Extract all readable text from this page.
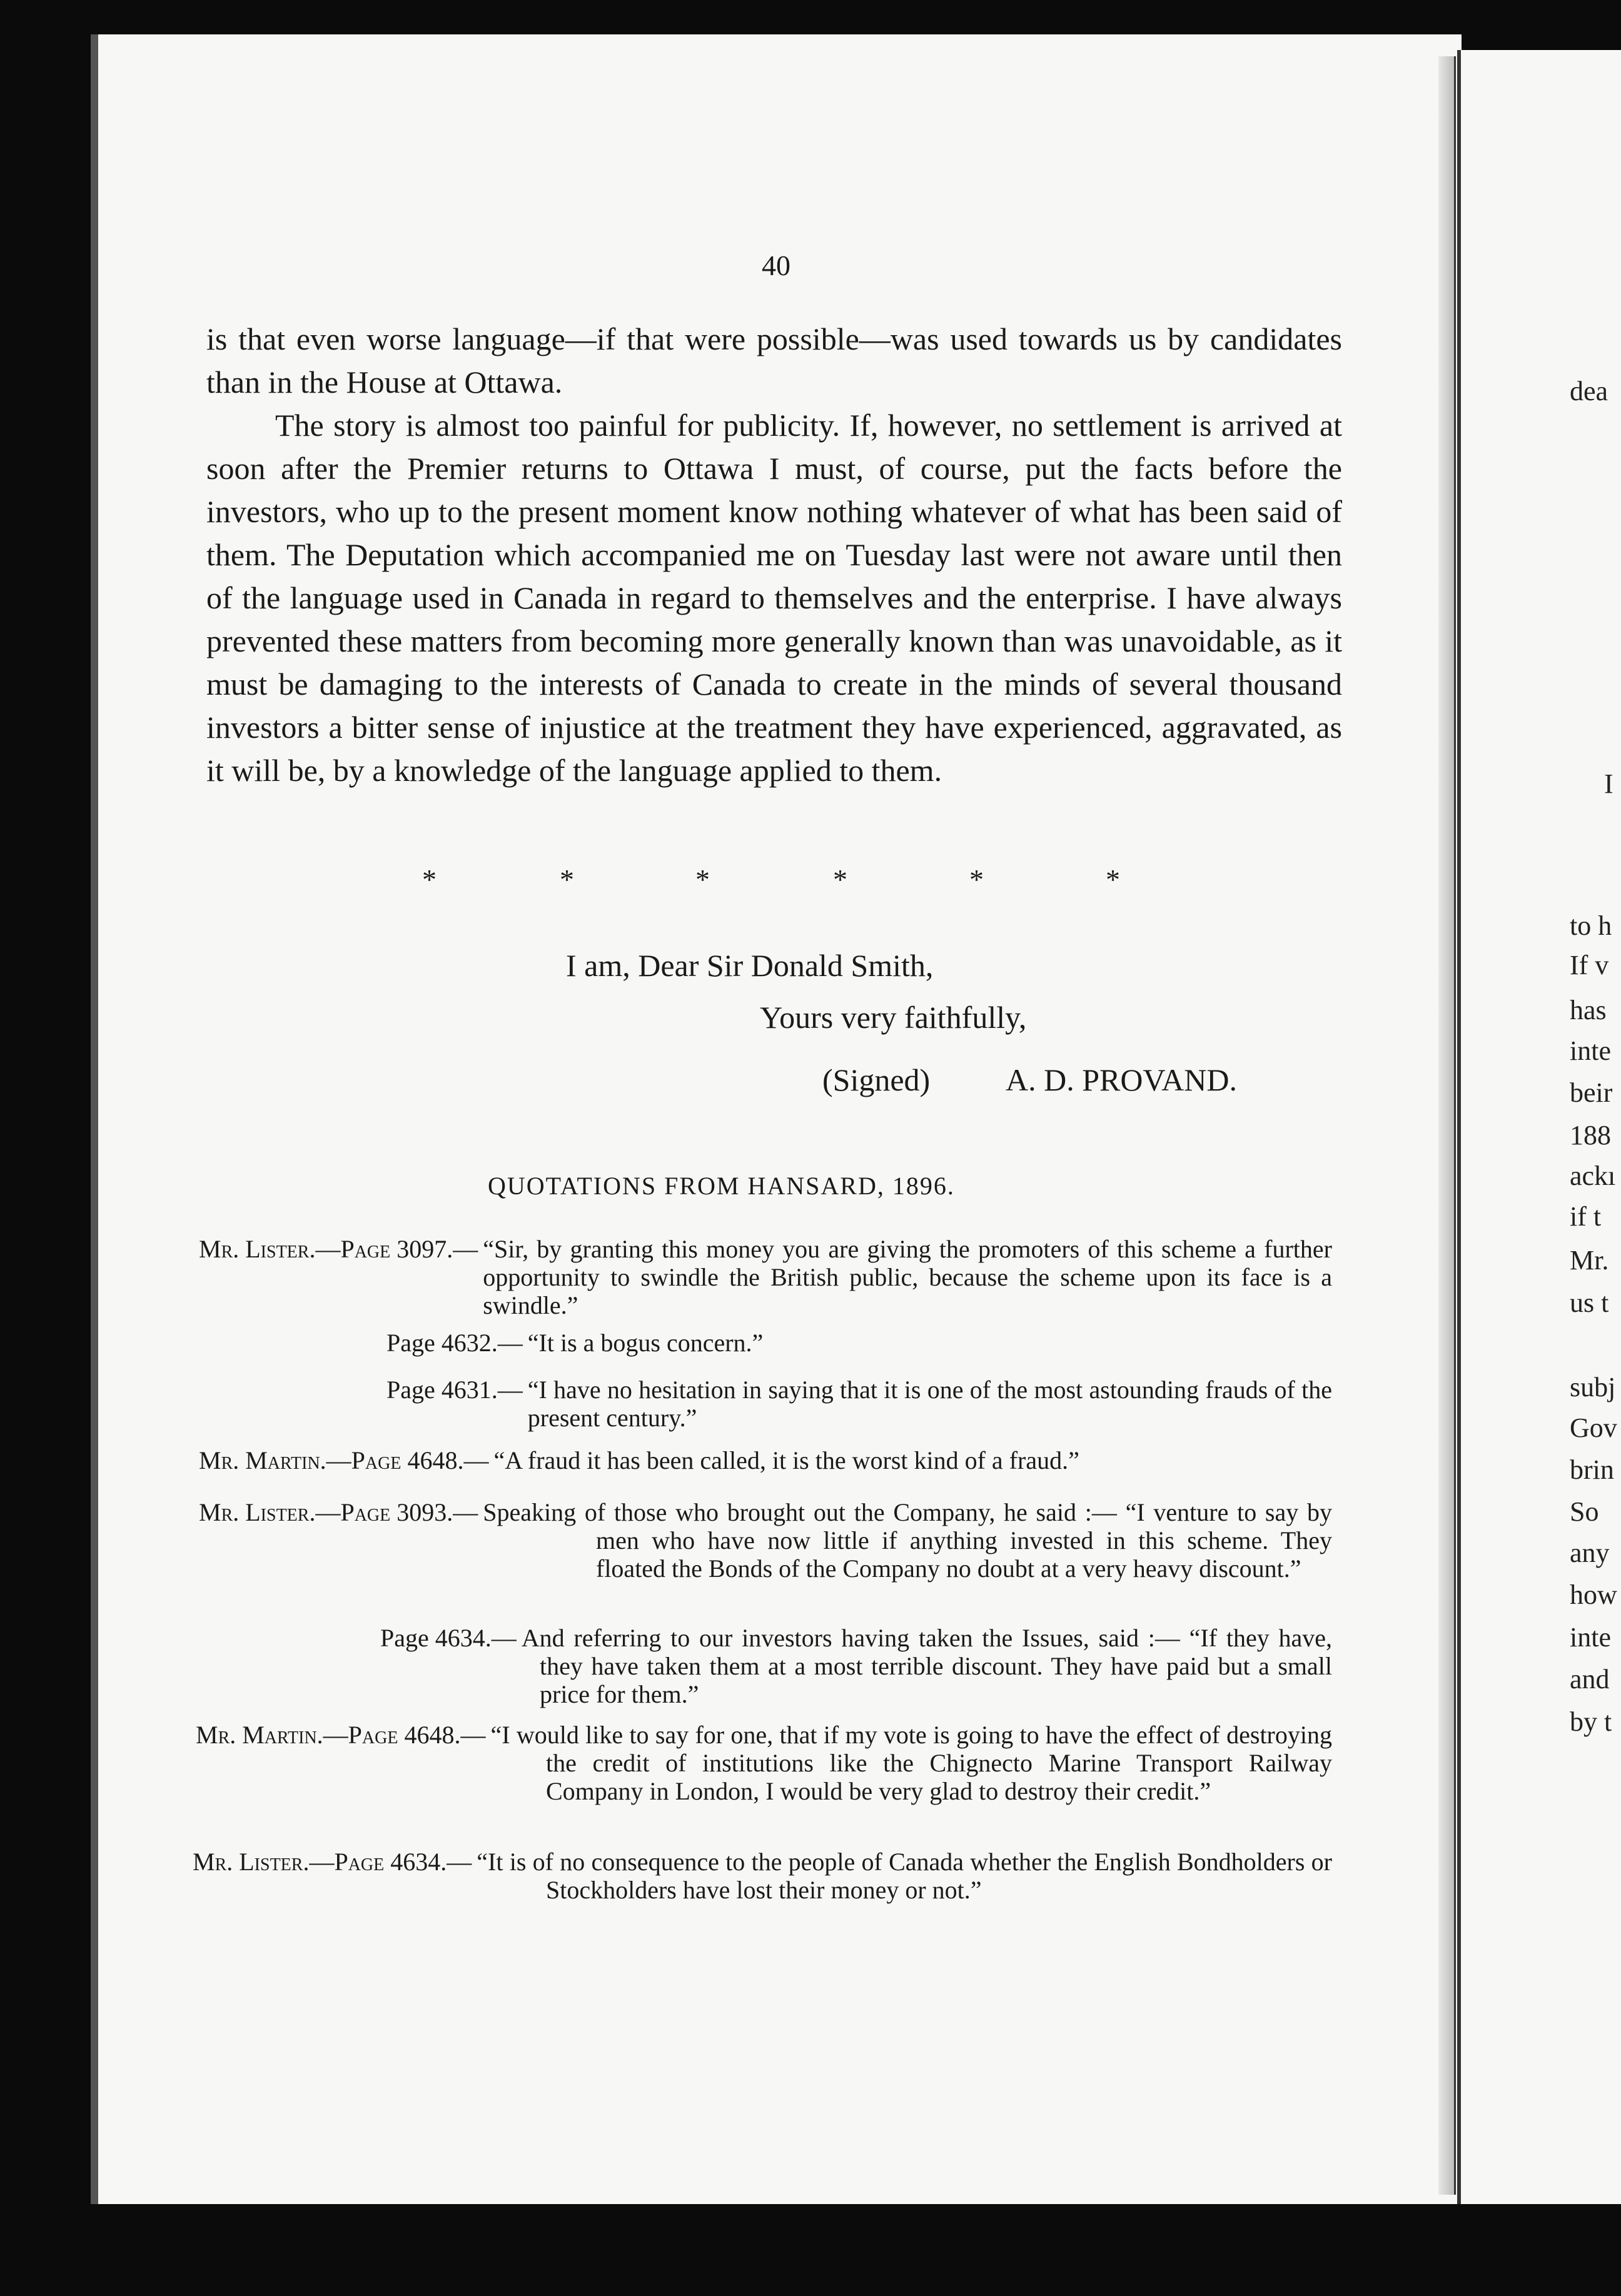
dea
I
to h
If v
has
inte
beir
188
ackı
if t
Mr.
us t
subj
Gov
brin
So
any
how
inte
and
by t
40

is that even worse language—if that were possible—was used towards us by candidates than in the House at Ottawa.

The story is almost too painful for publicity. If, however, no settlement is arrived at soon after the Premier returns to Ottawa I must, of course, put the facts before the investors, who up to the present moment know nothing whatever of what has been said of them. The Deputation which accompanied me on Tuesday last were not aware until then of the language used in Canada in regard to themselves and the enterprise. I have always prevented these matters from becoming more generally known than was unavoidable, as it must be damaging to the interests of Canada to create in the minds of several thousand investors a bitter sense of injustice at the treatment they have experienced, aggravated, as it will be, by a knowledge of the language applied to them.

*	*	*	*	*	*
I am, Dear Sir Donald Smith,
Yours very faithfully,
(Signed) A. D. PROVAND.
QUOTATIONS FROM HANSARD, 1896.
Mr. Lister.—Page 3097.— “Sir, by granting this money you are giving the promoters of this scheme a further opportunity to swindle the British public, because the scheme upon its face is a swindle.”
Page 4632.— “It is a bogus concern.”
Page 4631.— “I have no hesitation in saying that it is one of the most astounding frauds of the present century.”
Mr. Martin.—Page 4648.— “A fraud it has been called, it is the worst kind of a fraud.”
Mr. Lister.—Page 3093.— Speaking of those who brought out the Company, he said :— “I venture to say by men who have now little if anything invested in this scheme. They floated the Bonds of the Company no doubt at a very heavy discount.”
Page 4634.— And referring to our investors having taken the Issues, said :— “If they have, they have taken them at a most terrible discount. They have paid but a small price for them.”
Mr. Martin.—Page 4648.— “I would like to say for one, that if my vote is going to have the effect of destroying the credit of institutions like the Chignecto Marine Transport Railway Company in London, I would be very glad to destroy their credit.”
Mr. Lister.—Page 4634.— “It is of no consequence to the people of Canada whether the English Bondholders or Stockholders have lost their money or not.”
